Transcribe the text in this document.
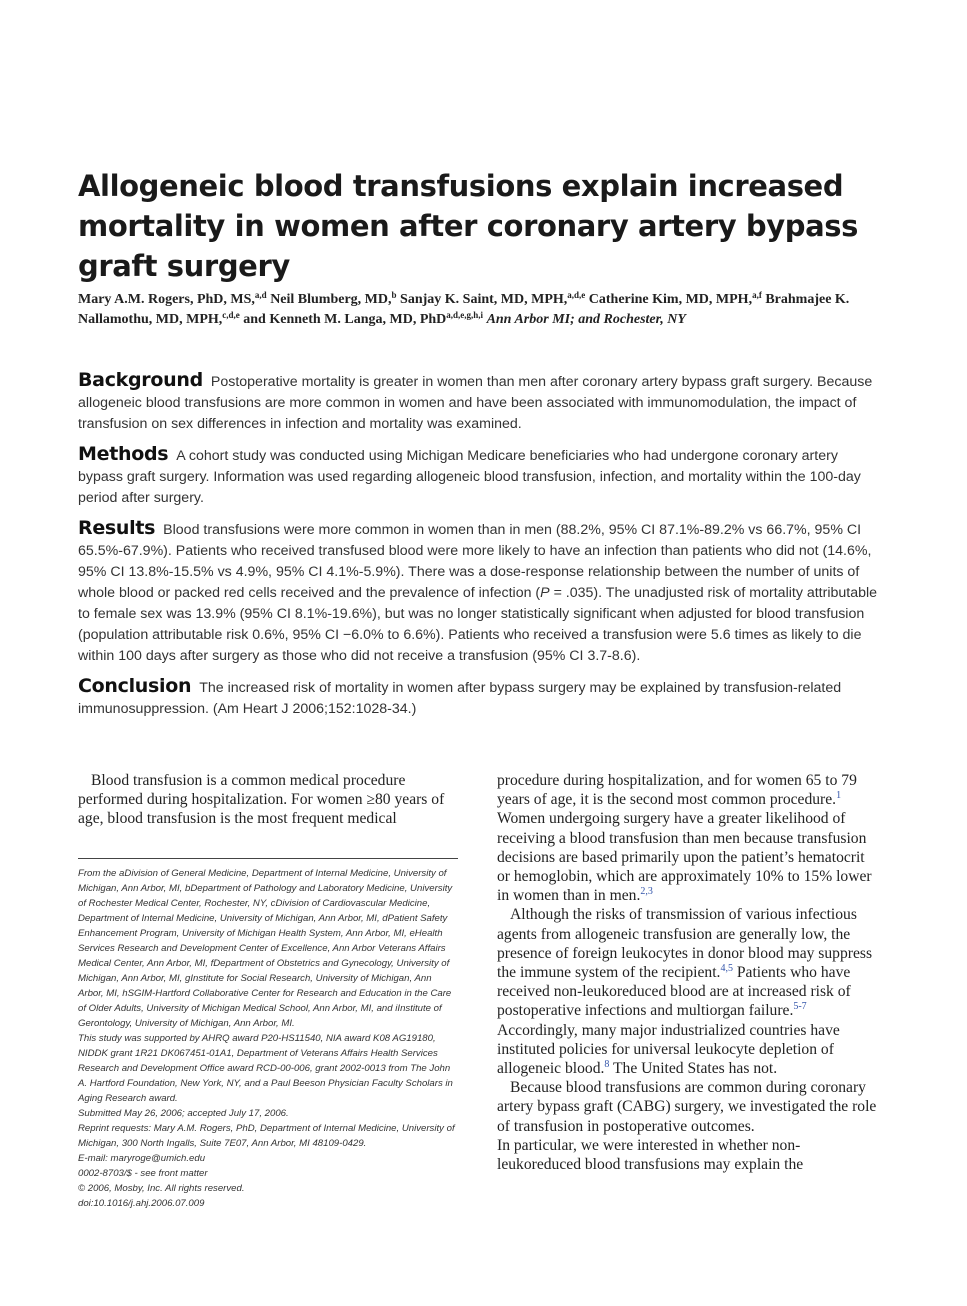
Allogeneic blood transfusions explain increased mortality in women after coronary artery bypass graft surgery
Mary A.M. Rogers, PhD, MS,$^{a,d}$ Neil Blumberg, MD,$^b$ Sanjay K. Saint, MD, MPH,$^{a,d,e}$ Catherine Kim, MD, MPH,$^{a,f}$ Brahmajee K. Nallamothu, MD, MPH,$^{c,d,e}$ and Kenneth M. Langa, MD, PhD$^{a,d,e,g,h,i}$ Ann Arbor MI; and Rochester, NY

Background Postoperative mortality is greater in women than men after coronary artery bypass graft surgery. Because allogeneic blood transfusions are more common in women and have been associated with immunomodulation, the impact of transfusion on sex differences in infection and mortality was examined.

Methods A cohort study was conducted using Michigan Medicare beneficiaries who had undergone coronary artery bypass graft surgery. Information was used regarding allogeneic blood transfusion, infection, and mortality within the 100-day period after surgery.

Results Blood transfusions were more common in women than in men (88.2%, 95% CI 87.1%-89.2% vs 66.7%, 95% CI 65.5%-67.9%). Patients who received transfused blood were more likely to have an infection than patients who did not (14.6%, 95% CI 13.8%-15.5% vs 4.9%, 95% CI 4.1%-5.9%). There was a dose-response relationship between the number of units of whole blood or packed red cells received and the prevalence of infection (P = .035). The unadjusted risk of mortality attributable to female sex was 13.9% (95% CI 8.1%-19.6%), but was no longer statistically significant when adjusted for blood transfusion (population attributable risk 0.6%, 95% CI −6.0% to 6.6%). Patients who received a transfusion were 5.6 times as likely to die within 100 days after surgery as those who did not receive a transfusion (95% CI 3.7-8.6).

Conclusion The increased risk of mortality in women after bypass surgery may be explained by transfusion-related immunosuppression. (Am Heart J 2006;152:1028-34.)

Blood transfusion is a common medical procedure performed during hospitalization. For women ≥80 years of age, blood transfusion is the most frequent medical

From the aDivision of General Medicine, Department of Internal Medicine, University of Michigan, Ann Arbor, MI, bDepartment of Pathology and Laboratory Medicine, University of Rochester Medical Center, Rochester, NY, cDivision of Cardiovascular Medicine, Department of Internal Medicine, University of Michigan, Ann Arbor, MI, dPatient Safety Enhancement Program, University of Michigan Health System, Ann Arbor, MI, eHealth Services Research and Development Center of Excellence, Ann Arbor Veterans Affairs Medical Center, Ann Arbor, MI, fDepartment of Obstetrics and Gynecology, University of Michigan, Ann Arbor, MI, gInstitute for Social Research, University of Michigan, Ann Arbor, MI, hSGIM-Hartford Collaborative Center for Research and Education in the Care of Older Adults, University of Michigan Medical School, Ann Arbor, MI, and iInstitute of Gerontology, University of Michigan, Ann Arbor, MI.

This study was supported by AHRQ award P20-HS11540, NIA award K08 AG19180, NIDDK grant 1R21 DK067451-01A1, Department of Veterans Affairs Health Services Research and Development Office award RCD-00-006, grant 2002-0013 from The John A. Hartford Foundation, New York, NY, and a Paul Beeson Physician Faculty Scholars in Aging Research award.

Submitted May 26, 2006; accepted July 17, 2006.

Reprint requests: Mary A.M. Rogers, PhD, Department of Internal Medicine, University of Michigan, 300 North Ingalls, Suite 7E07, Ann Arbor, MI 48109-0429.

E-mail: maryroge@umich.edu

0002-8703/$ - see front matter

© 2006, Mosby, Inc. All rights reserved.

doi:10.1016/j.ahj.2006.07.009

procedure during hospitalization, and for women 65 to 79 years of age, it is the second most common procedure.$^1$ Women undergoing surgery have a greater likelihood of receiving a blood transfusion than men because transfusion decisions are based primarily upon the patient’s hematocrit or hemoglobin, which are approximately 10% to 15% lower in women than in men.$^{2,3}$

Although the risks of transmission of various infectious agents from allogeneic transfusion are generally low, the presence of foreign leukocytes in donor blood may suppress the immune system of the recipient.$^{4,5}$ Patients who have received non-leukoreduced blood are at increased risk of postoperative infections and multiorgan failure.$^{5-7}$ Accordingly, many major industrialized countries have instituted policies for universal leukocyte depletion of allogeneic blood.$^8$ The United States has not.

Because blood transfusions are common during coronary artery bypass graft (CABG) surgery, we investigated the role of transfusion in postoperative outcomes.

In particular, we were interested in whether non-leukoreduced blood transfusions may explain the
